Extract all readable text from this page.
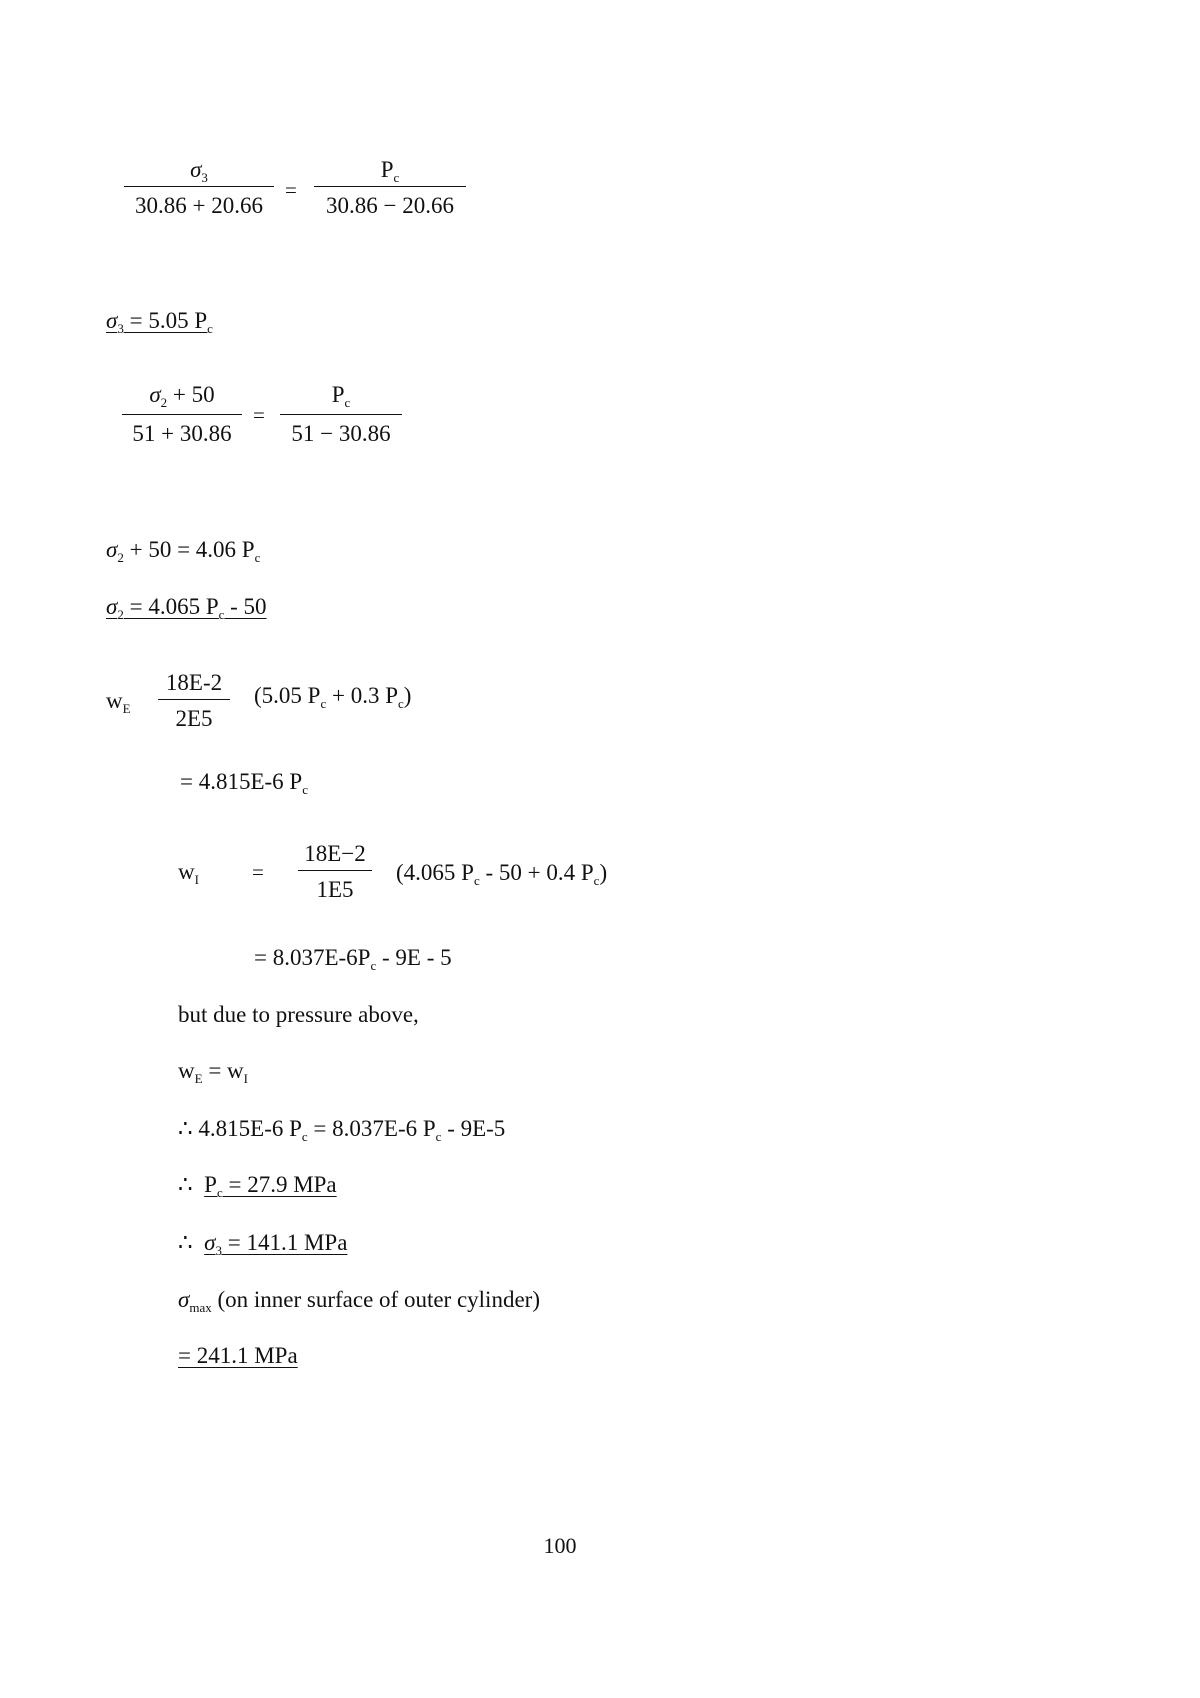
$\sigma_3$
30.86 + 20.66
=
$P_c$
30.86 − 20.66
$\sigma_3 = 5.05$ $P_c$
$\sigma_2 + 50$
51 + 30.86
=
$P_c$
51 − 30.86
$\sigma_2 + 50 = 4.06$ $P_c$
$\sigma_2 = 4.065$ $P_c - 50$
$w_E$
18E-2
2E5
(5.05 $P_c + 0.3$ $P_c$)
= 4.815E-6 $P_c$
$w_I$	=
18E−2
1E5
(4.065 $P_c - 50 + 0.4$ $P_c$)
= $8.037E-6P_c - 9E - 5$
but due to pressure above,
$w_E = w_I$
∴ 4.815E-6 $P_c = 8.037E-6$ $P_c - 9E-5$
∴ $P_c = 27.9$ MPa
∴ $\sigma_3 = 141.1$ MPa
$\sigma_{max}$ (on inner surface of outer cylinder)
= 241.1 MPa
100
